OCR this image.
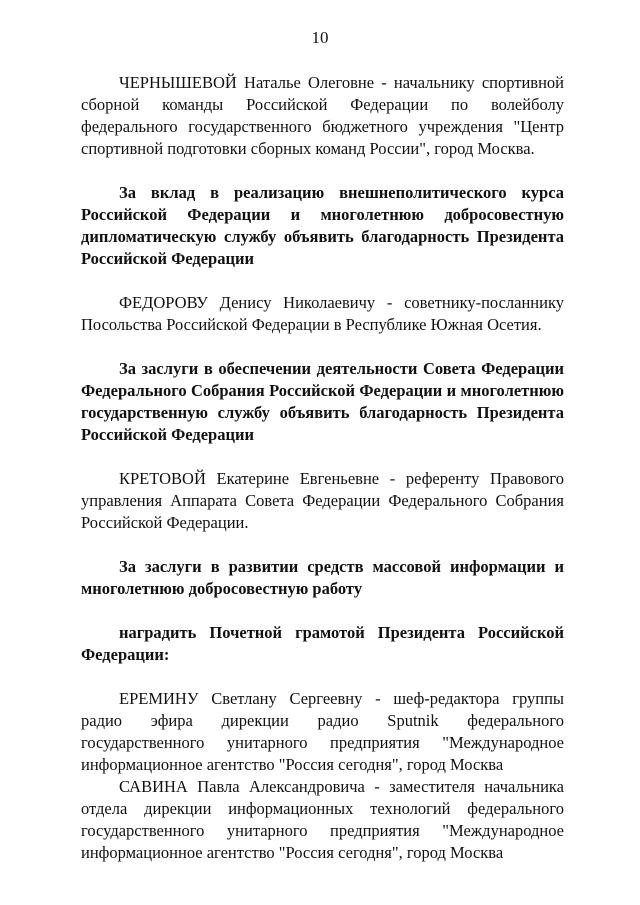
10

ЧЕРНЫШЕВОЙ Наталье Олеговне - начальнику спортивной сборной команды Российской Федерации по волейболу федерального государственного бюджетного учреждения "Центр спортивной подготовки сборных команд России", город Москва.

За вклад в реализацию внешнеполитического курса Российской Федерации и многолетнюю добросовестную дипломатическую службу объявить благодарность Президента Российской Федерации

ФЕДОРОВУ Денису Николаевичу - советнику-посланнику Посольства Российской Федерации в Республике Южная Осетия.

За заслуги в обеспечении деятельности Совета Федерации Федерального Собрания Российской Федерации и многолетнюю государственную службу объявить благодарность Президента Российской Федерации

КРЕТОВОЙ Екатерине Евгеньевне - референту Правового управления Аппарата Совета Федерации Федерального Собрания Российской Федерации.

За заслуги в развитии средств массовой информации и многолетнюю добросовестную работу

наградить Почетной грамотой Президента Российской Федерации:

ЕРЕМИНУ Светлану Сергеевну - шеф-редактора группы радио эфира дирекции радио Sputnik федерального государственного унитарного предприятия "Международное информационное агентство "Россия сегодня", город Москва

САВИНА Павла Александровича - заместителя начальника отдела дирекции информационных технологий федерального государственного унитарного предприятия "Международное информационное агентство "Россия сегодня", город Москва
